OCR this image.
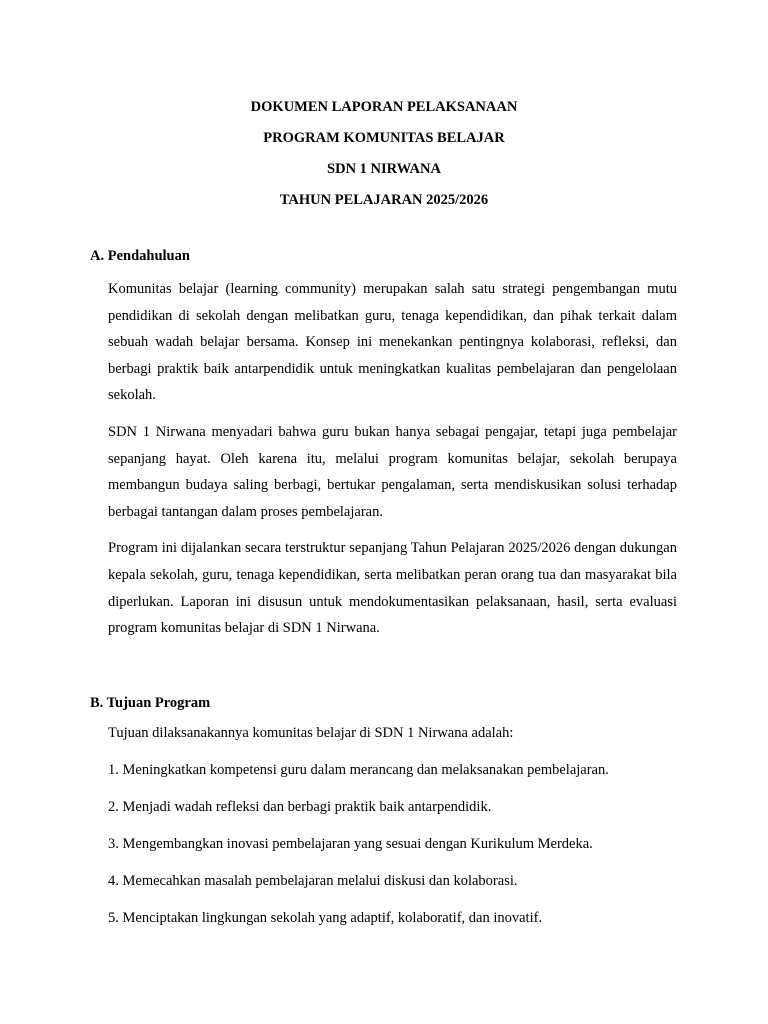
DOKUMEN LAPORAN PELAKSANAAN
PROGRAM KOMUNITAS BELAJAR
SDN 1 NIRWANA
TAHUN PELAJARAN 2025/2026
A. Pendahuluan
Komunitas belajar (learning community) merupakan salah satu strategi pengembangan mutu pendidikan di sekolah dengan melibatkan guru, tenaga kependidikan, dan pihak terkait dalam sebuah wadah belajar bersama. Konsep ini menekankan pentingnya kolaborasi, refleksi, dan berbagi praktik baik antarpendidik untuk meningkatkan kualitas pembelajaran dan pengelolaan sekolah.
SDN 1 Nirwana menyadari bahwa guru bukan hanya sebagai pengajar, tetapi juga pembelajar sepanjang hayat. Oleh karena itu, melalui program komunitas belajar, sekolah berupaya membangun budaya saling berbagi, bertukar pengalaman, serta mendiskusikan solusi terhadap berbagai tantangan dalam proses pembelajaran.
Program ini dijalankan secara terstruktur sepanjang Tahun Pelajaran 2025/2026 dengan dukungan kepala sekolah, guru, tenaga kependidikan, serta melibatkan peran orang tua dan masyarakat bila diperlukan. Laporan ini disusun untuk mendokumentasikan pelaksanaan, hasil, serta evaluasi program komunitas belajar di SDN 1 Nirwana.
B. Tujuan Program
Tujuan dilaksanakannya komunitas belajar di SDN 1 Nirwana adalah:
1. Meningkatkan kompetensi guru dalam merancang dan melaksanakan pembelajaran.
2. Menjadi wadah refleksi dan berbagi praktik baik antarpendidik.
3. Mengembangkan inovasi pembelajaran yang sesuai dengan Kurikulum Merdeka.
4. Memecahkan masalah pembelajaran melalui diskusi dan kolaborasi.
5. Menciptakan lingkungan sekolah yang adaptif, kolaboratif, dan inovatif.
